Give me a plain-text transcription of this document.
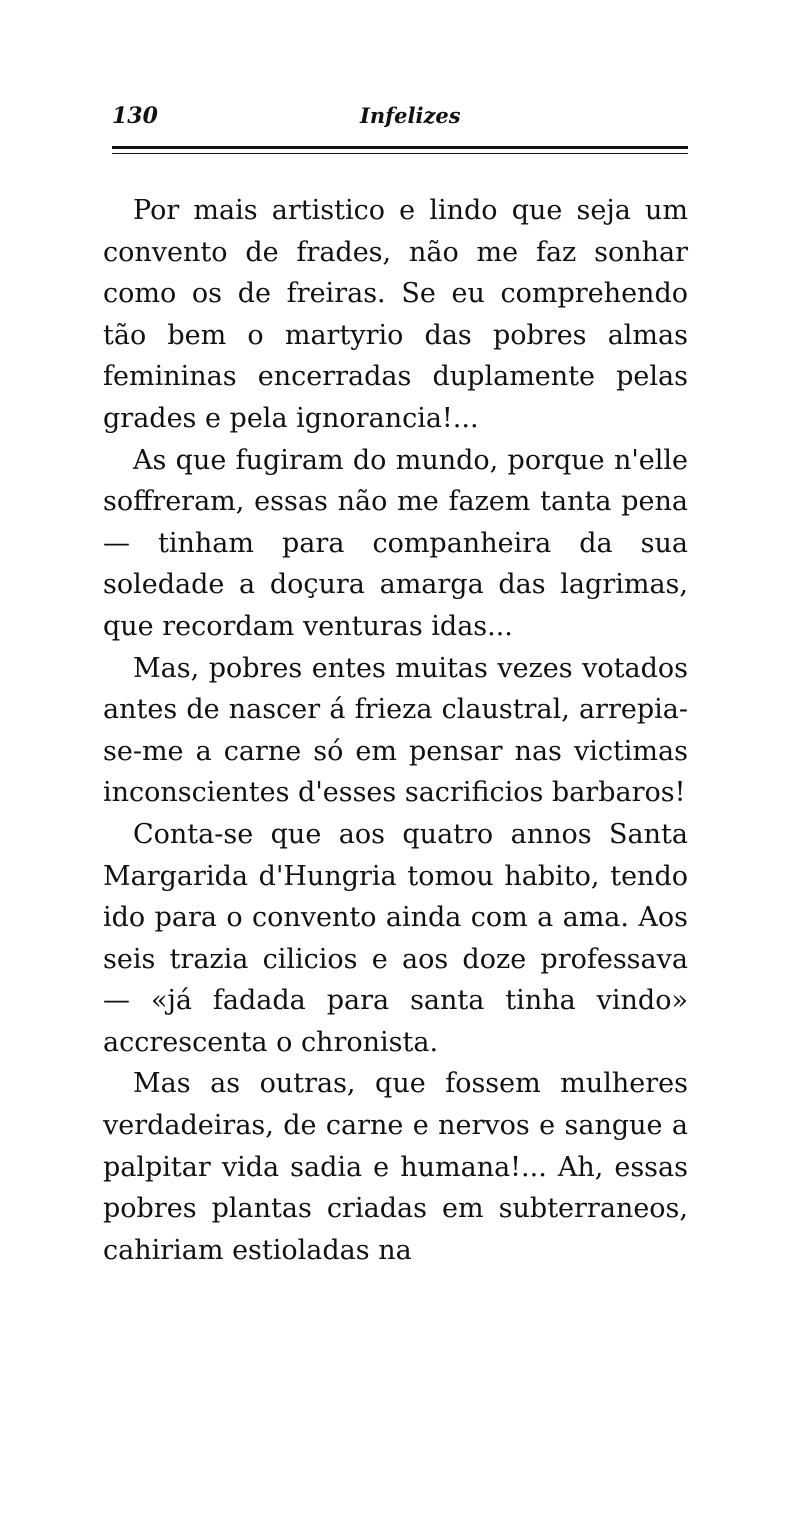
130	Infelizes

Por mais artistico e lindo que seja um convento de frades, não me faz sonhar como os de freiras. Se eu comprehendo tão bem o martyrio das pobres almas femininas encerradas duplamente pelas grades e pela ignorancia!...

As que fugiram do mundo, porque n'elle soffreram, essas não me fazem tanta pena — tinham para companheira da sua soledade a doçura amarga das lagrimas, que recordam venturas idas...

Mas, pobres entes muitas vezes votados antes de nascer á frieza claustral, arrepia-se-me a carne só em pensar nas victimas inconscientes d'esses sacrificios barbaros!

Conta-se que aos quatro annos Santa Margarida d'Hungria tomou habito, tendo ido para o convento ainda com a ama. Aos seis trazia cilicios e aos doze professava — «já fadada para santa tinha vindo» accrescenta o chronista.

Mas as outras, que fossem mulheres verdadeiras, de carne e nervos e sangue a palpitar vida sadia e humana!... Ah, essas pobres plantas criadas em subterraneos, cahiriam estioladas na
